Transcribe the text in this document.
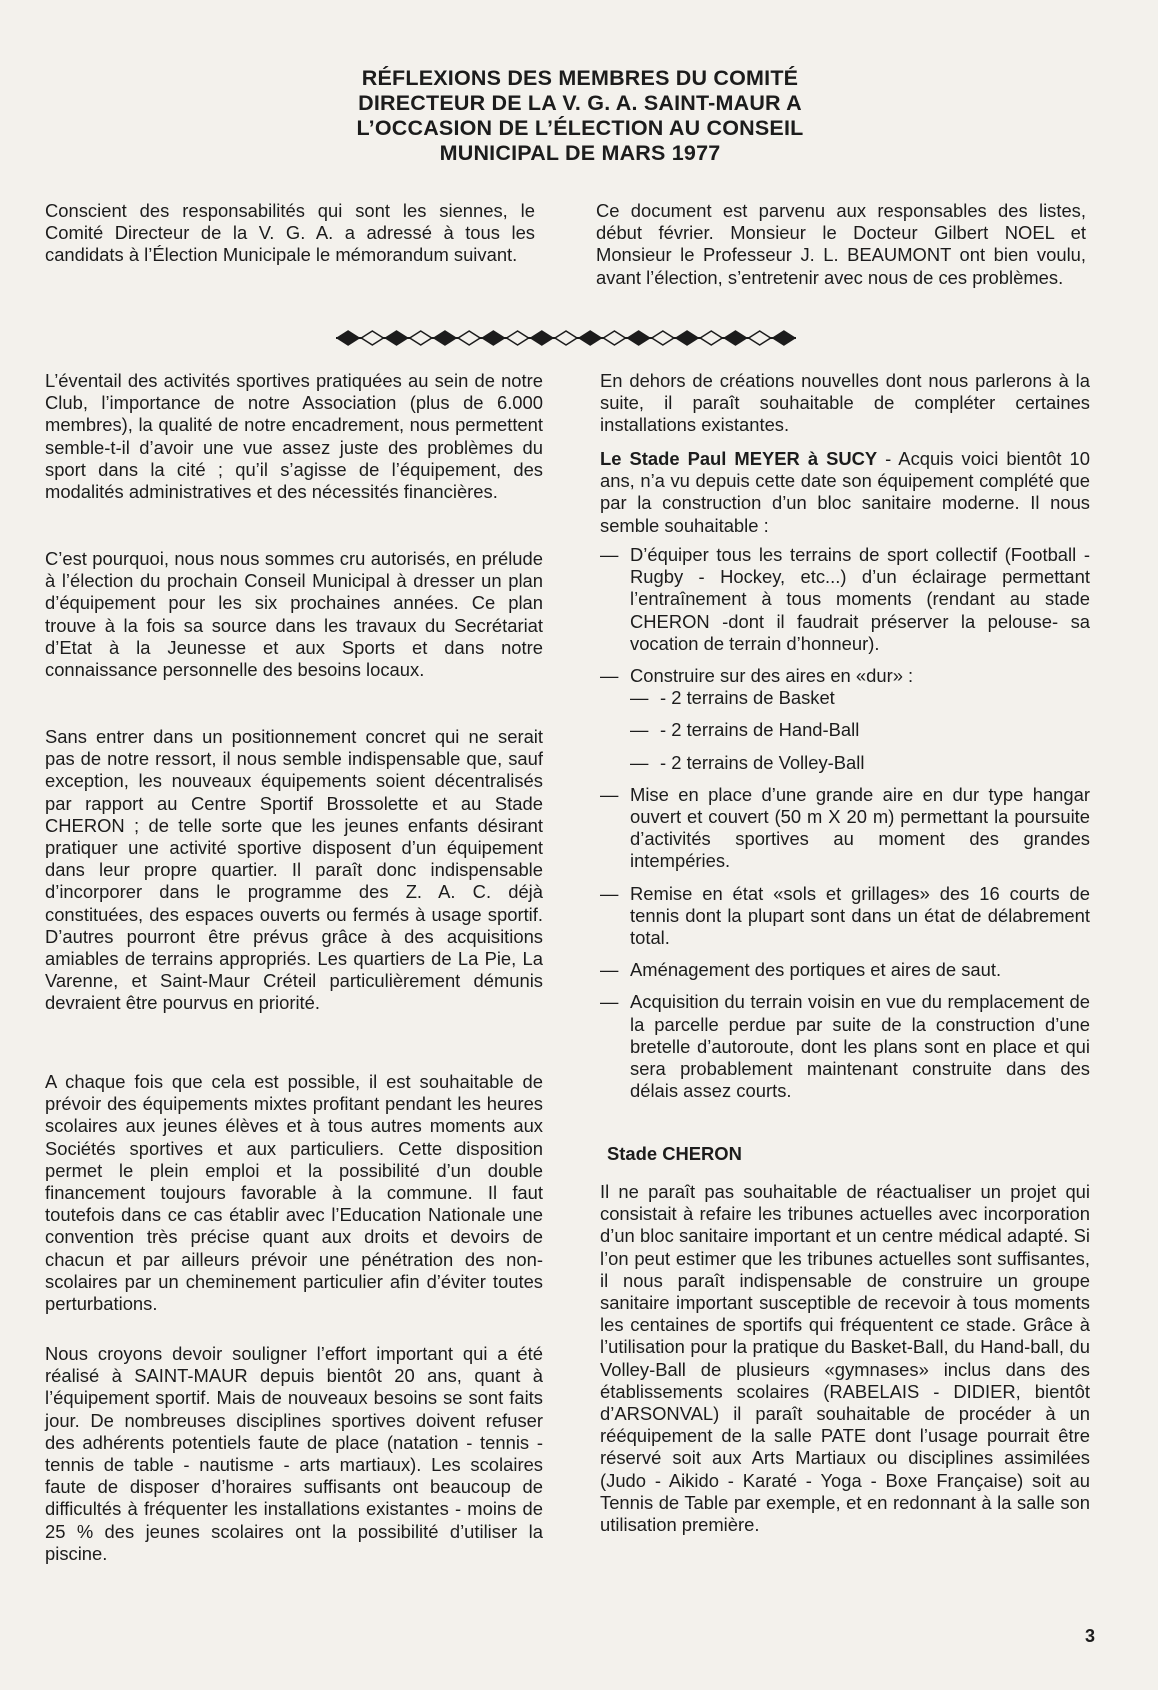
RÉFLEXIONS DES MEMBRES DU COMITÉ
DIRECTEUR DE LA V. G. A. SAINT-MAUR A
L’OCCASION DE L’ÉLECTION AU CONSEIL
MUNICIPAL DE MARS 1977

Conscient des responsabilités qui sont les siennes, le Comité Directeur de la V. G. A. a adressé à tous les candidats à l’Élection Municipale le mémorandum suivant.

Ce document est parvenu aux responsables des listes, début février. Monsieur le Docteur Gilbert NOEL et Monsieur le Professeur J. L. BEAUMONT ont bien voulu, avant l’élection, s’entretenir avec nous de ces problèmes.

L’éventail des activités sportives pratiquées au sein de notre Club, l’importance de notre Association (plus de 6.000 membres), la qualité de notre encadrement, nous permettent semble-t-il d’avoir une vue assez juste des problèmes du sport dans la cité ; qu’il s’agisse de l’équipement, des modalités administratives et des nécessités financières.

C’est pourquoi, nous nous sommes cru autorisés, en prélude à l’élection du prochain Conseil Municipal à dresser un plan d’équipement pour les six prochaines années. Ce plan trouve à la fois sa source dans les travaux du Secrétariat d’Etat à la Jeunesse et aux Sports et dans notre connaissance personnelle des besoins locaux.

Sans entrer dans un positionnement concret qui ne serait pas de notre ressort, il nous semble indispensable que, sauf exception, les nouveaux équipements soient décentralisés par rapport au Centre Sportif Brossolette et au Stade CHERON ; de telle sorte que les jeunes enfants désirant pratiquer une activité sportive disposent d’un équipement dans leur propre quartier. Il paraît donc indispensable d’incorporer dans le programme des Z. A. C. déjà constituées, des espaces ouverts ou fermés à usage sportif. D’autres pourront être prévus grâce à des acquisitions amiables de terrains appropriés. Les quartiers de La Pie, La Varenne, et Saint-Maur Créteil particulièrement démunis devraient être pourvus en priorité.

A chaque fois que cela est possible, il est souhaitable de prévoir des équipements mixtes profitant pendant les heures scolaires aux jeunes élèves et à tous autres moments aux Sociétés sportives et aux particuliers. Cette disposition permet le plein emploi et la possibilité d’un double financement toujours favorable à la commune. Il faut toutefois dans ce cas établir avec l’Education Nationale une convention très précise quant aux droits et devoirs de chacun et par ailleurs prévoir une pénétration des non-scolaires par un cheminement particulier afin d’éviter toutes perturbations.

Nous croyons devoir souligner l’effort important qui a été réalisé à SAINT-MAUR depuis bientôt 20 ans, quant à l’équipement sportif. Mais de nouveaux besoins se sont faits jour. De nombreuses disciplines sportives doivent refuser des adhérents potentiels faute de place (natation - tennis - tennis de table - nautisme - arts martiaux). Les scolaires faute de disposer d’horaires suffisants ont beaucoup de difficultés à fréquenter les installations existantes - moins de 25 % des jeunes scolaires ont la possibilité d’utiliser la piscine.

En dehors de créations nouvelles dont nous parlerons à la suite, il paraît souhaitable de compléter certaines installations existantes.

Le Stade Paul MEYER à SUCY - Acquis voici bientôt 10 ans, n’a vu depuis cette date son équipement complété que par la construction d’un bloc sanitaire moderne. Il nous semble souhaitable :

— D’équiper tous les terrains de sport collectif (Football - Rugby - Hockey, etc...) d’un éclairage permettant l’entraînement à tous moments (rendant au stade CHERON -dont il faudrait préserver la pelouse- sa vocation de terrain d’honneur).
— Construire sur des aires en «dur» :
— - 2 terrains de Basket
— - 2 terrains de Hand-Ball
— - 2 terrains de Volley-Ball
— Mise en place d’une grande aire en dur type hangar ouvert et couvert (50 m X 20 m) permettant la poursuite d’activités sportives au moment des grandes intempéries.
— Remise en état «sols et grillages» des 16 courts de tennis dont la plupart sont dans un état de délabrement total.
— Aménagement des portiques et aires de saut.
— Acquisition du terrain voisin en vue du remplacement de la parcelle perdue par suite de la construction d’une bretelle d’autoroute, dont les plans sont en place et qui sera probablement maintenant construite dans des délais assez courts.
Stade CHERON

Il ne paraît pas souhaitable de réactualiser un projet qui consistait à refaire les tribunes actuelles avec incorporation d’un bloc sanitaire important et un centre médical adapté. Si l’on peut estimer que les tribunes actuelles sont suffisantes, il nous paraît indispensable de construire un groupe sanitaire important susceptible de recevoir à tous moments les centaines de sportifs qui fréquentent ce stade. Grâce à l’utilisation pour la pratique du Basket-Ball, du Hand-ball, du Volley-Ball de plusieurs «gymnases» inclus dans des établissements scolaires (RABELAIS - DIDIER, bientôt d’ARSONVAL) il paraît souhaitable de procéder à un rééquipement de la salle PATE dont l’usage pourrait être réservé soit aux Arts Martiaux ou disciplines assimilées (Judo - Aikido - Karaté - Yoga - Boxe Française) soit au Tennis de Table par exemple, et en redonnant à la salle son utilisation première.

3
